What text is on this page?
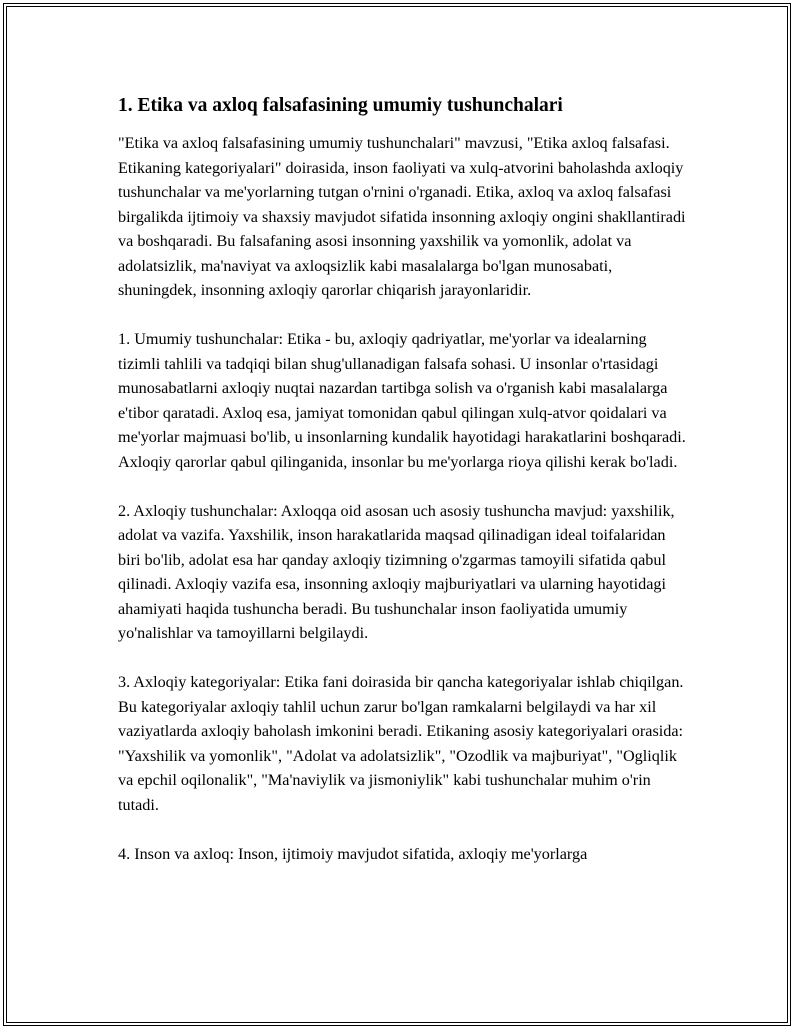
1. Etika va axloq falsafasining umumiy tushunchalari

"Etika va axloq falsafasining umumiy tushunchalari" mavzusi, "Etika axloq falsafasi. Etikaning kategoriyalari" doirasida, inson faoliyati va xulq-atvorini baholashda axloqiy tushunchalar va me'yorlarning tutgan o'rnini o'rganadi. Etika, axloq va axloq falsafasi birgalikda ijtimoiy va shaxsiy mavjudot sifatida insonning axloqiy ongini shakllantiradi va boshqaradi. Bu falsafaning asosi insonning yaxshilik va yomonlik, adolat va adolatsizlik, ma'naviyat va axloqsizlik kabi masalalarga bo'lgan munosabati, shuningdek, insonning axloqiy qarorlar chiqarish jarayonlaridir.

1. Umumiy tushunchalar: Etika - bu, axloqiy qadriyatlar, me'yorlar va idealarning tizimli tahlili va tadqiqi bilan shug'ullanadigan falsafa sohasi. U insonlar o'rtasidagi munosabatlarni axloqiy nuqtai nazardan tartibga solish va o'rganish kabi masalalarga e'tibor qaratadi. Axloq esa, jamiyat tomonidan qabul qilingan xulq-atvor qoidalari va me'yorlar majmuasi bo'lib, u insonlarning kundalik hayotidagi harakatlarini boshqaradi. Axloqiy qarorlar qabul qilinganida, insonlar bu me'yorlarga rioya qilishi kerak bo'ladi.

2. Axloqiy tushunchalar: Axloqqa oid asosan uch asosiy tushuncha mavjud: yaxshilik, adolat va vazifa. Yaxshilik, inson harakatlarida maqsad qilinadigan ideal toifalaridan biri bo'lib, adolat esa har qanday axloqiy tizimning o'zgarmas tamoyili sifatida qabul qilinadi. Axloqiy vazifa esa, insonning axloqiy majburiyatlari va ularning hayotidagi ahamiyati haqida tushuncha beradi. Bu tushunchalar inson faoliyatida umumiy yo'nalishlar va tamoyillarni belgilaydi.

3. Axloqiy kategoriyalar: Etika fani doirasida bir qancha kategoriyalar ishlab chiqilgan. Bu kategoriyalar axloqiy tahlil uchun zarur bo'lgan ramkalarni belgilaydi va har xil vaziyatlarda axloqiy baholash imkonini beradi. Etikaning asosiy kategoriyalari orasida: "Yaxshilik va yomonlik", "Adolat va adolatsizlik", "Ozodlik va majburiyat", "Ogliqlik va epchil oqilonalik", "Ma'naviylik va jismoniylik" kabi tushunchalar muhim o'rin tutadi.

4. Inson va axloq: Inson, ijtimoiy mavjudot sifatida, axloqiy me'yorlarga
